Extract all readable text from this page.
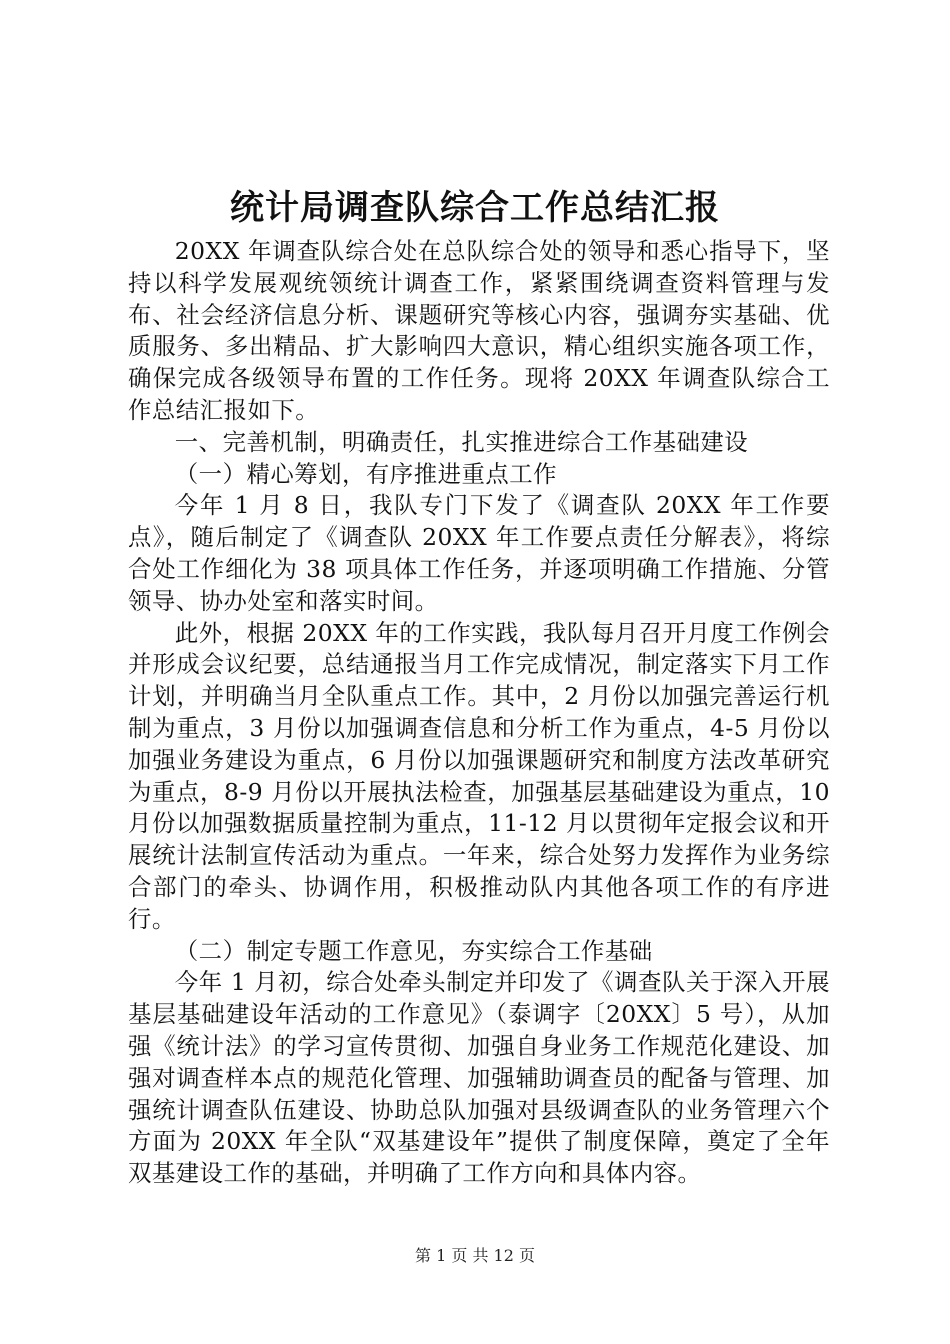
统计局调查队综合工作总结汇报

20XX 年调查队综合处在总队综合处的领导和悉心指导下，坚持以科学发展观统领统计调查工作，紧紧围绕调查资料管理与发布、社会经济信息分析、课题研究等核心内容，强调夯实基础、优质服务、多出精品、扩大影响四大意识，精心组织实施各项工作，确保完成各级领导布置的工作任务。现将 20XX 年调查队综合工作总结汇报如下。

一、完善机制，明确责任，扎实推进综合工作基础建设

（一）精心筹划，有序推进重点工作

今年 1 月 8 日，我队专门下发了《调查队 20XX 年工作要点》，随后制定了《调查队 20XX 年工作要点责任分解表》，将综合处工作细化为 38 项具体工作任务，并逐项明确工作措施、分管领导、协办处室和落实时间。

此外，根据 20XX 年的工作实践，我队每月召开月度工作例会并形成会议纪要，总结通报当月工作完成情况，制定落实下月工作计划，并明确当月全队重点工作。其中，2 月份以加强完善运行机制为重点，3 月份以加强调查信息和分析工作为重点，4-5 月份以加强业务建设为重点，6 月份以加强课题研究和制度方法改革研究为重点，8-9 月份以开展执法检查，加强基层基础建设为重点，10 月份以加强数据质量控制为重点，11-12 月以贯彻年定报会议和开展统计法制宣传活动为重点。一年来，综合处努力发挥作为业务综合部门的牵头、协调作用，积极推动队内其他各项工作的有序进行。

（二）制定专题工作意见，夯实综合工作基础

今年 1 月初，综合处牵头制定并印发了《调查队关于深入开展基层基础建设年活动的工作意见》（泰调字〔20XX〕5 号），从加强《统计法》的学习宣传贯彻、加强自身业务工作规范化建设、加强对调查样本点的规范化管理、加强辅助调查员的配备与管理、加强统计调查队伍建设、协助总队加强对县级调查队的业务管理六个方面为 20XX 年全队“双基建设年”提供了制度保障，奠定了全年双基建设工作的基础，并明确了工作方向和具体内容。

第 1 页 共 12 页
